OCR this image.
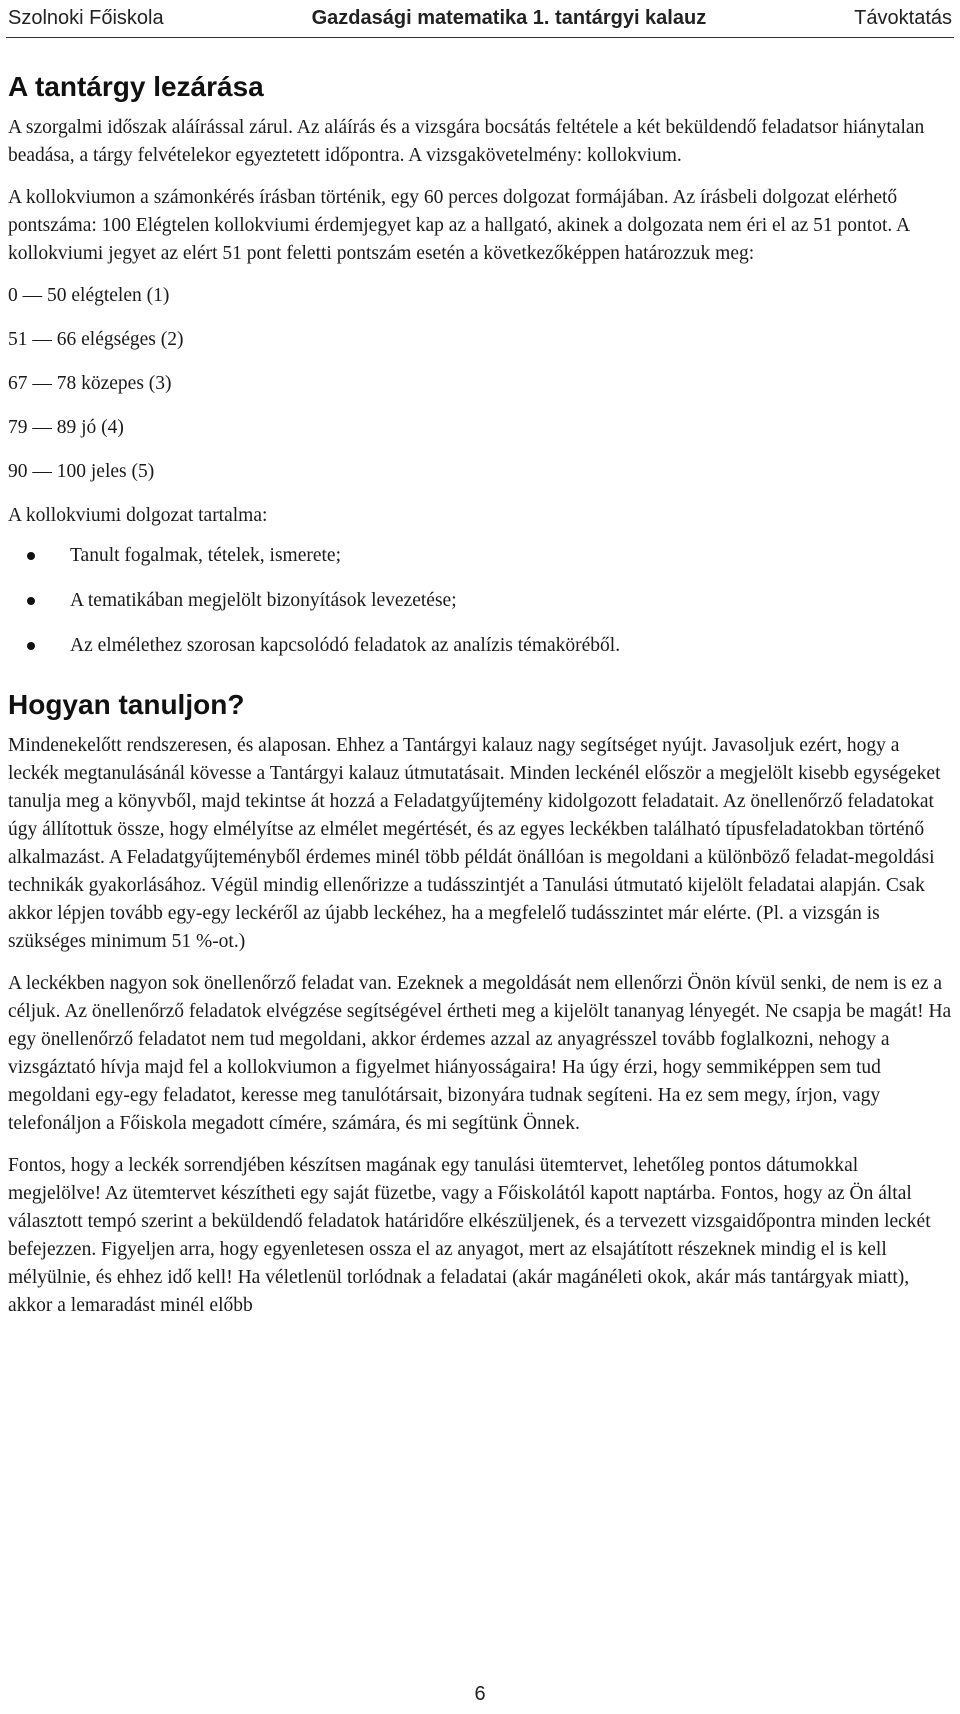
Szolnoki Főiskola	Gazdasági matematika 1. tantárgyi kalauz	Távoktatás
A tantárgy lezárása

A szorgalmi időszak aláírással zárul. Az aláírás és a vizsgára bocsátás feltétele a két beküldendő feladatsor hiánytalan beadása, a tárgy felvételekor egyeztetett időpontra. A vizsgakövetelmény: kollokvium.

A kollokviumon a számonkérés írásban történik, egy 60 perces dolgozat formájában. Az írásbeli dolgozat elérhető pontszáma: 100 Elégtelen kollokviumi érdemjegyet kap az a hallgató, akinek a dolgozata nem éri el az 51 pontot. A kollokviumi jegyet az elért 51 pont feletti pontszám esetén a következőképpen határozzuk meg:

0 — 50 elégtelen (1)

51 — 66 elégséges (2)

67 — 78 közepes (3)

79 — 89 jó (4)

90 — 100 jeles (5)

A kollokviumi dolgozat tartalma:

Tanult fogalmak, tételek, ismerete;
A tematikában megjelölt bizonyítások levezetése;
Az elmélethez szorosan kapcsolódó feladatok az analízis témaköréből.
Hogyan tanuljon?

Mindenekelőtt rendszeresen, és alaposan. Ehhez a Tantárgyi kalauz nagy segítséget nyújt. Javasoljuk ezért, hogy a leckék megtanulásánál kövesse a Tantárgyi kalauz útmutatásait. Minden leckénél először a megjelölt kisebb egységeket tanulja meg a könyvből, majd tekintse át hozzá a Feladatgyűjtemény kidolgozott feladatait. Az önellenőrző feladatokat úgy állítottuk össze, hogy elmélyítse az elmélet megértését, és az egyes leckékben található típusfeladatokban történő alkalmazást. A Feladatgyűjteményből érdemes minél több példát önállóan is megoldani a különböző feladat-megoldási technikák gyakorlásához. Végül mindig ellenőrizze a tudásszintjét a Tanulási útmutató kijelölt feladatai alapján. Csak akkor lépjen tovább egy-egy leckéről az újabb leckéhez, ha a megfelelő tudásszintet már elérte. (Pl. a vizsgán is szükséges minimum 51 %-ot.)

A leckékben nagyon sok önellenőrző feladat van. Ezeknek a megoldását nem ellenőrzi Önön kívül senki, de nem is ez a céljuk. Az önellenőrző feladatok elvégzése segítségével értheti meg a kijelölt tananyag lényegét. Ne csapja be magát! Ha egy önellenőrző feladatot nem tud megoldani, akkor érdemes azzal az anyagrésszel tovább foglalkozni, nehogy a vizsgáztató hívja majd fel a kollokviumon a figyelmet hiányosságaira! Ha úgy érzi, hogy semmiképpen sem tud megoldani egy-egy feladatot, keresse meg tanulótársait, bizonyára tudnak segíteni. Ha ez sem megy, írjon, vagy telefonáljon a Főiskola megadott címére, számára, és mi segítünk Önnek.

Fontos, hogy a leckék sorrendjében készítsen magának egy tanulási ütemtervet, lehetőleg pontos dátumokkal megjelölve! Az ütemtervet készítheti egy saját füzetbe, vagy a Főiskolától kapott naptárba. Fontos, hogy az Ön által választott tempó szerint a beküldendő feladatok határidőre elkészüljenek, és a tervezett vizsgaidőpontra minden leckét befejezzen. Figyeljen arra, hogy egyenletesen ossza el az anyagot, mert az elsajátított részeknek mindig el is kell mélyülnie, és ehhez idő kell! Ha véletlenül torlódnak a feladatai (akár magánéleti okok, akár más tantárgyak miatt), akkor a lemaradást minél előbb

6
